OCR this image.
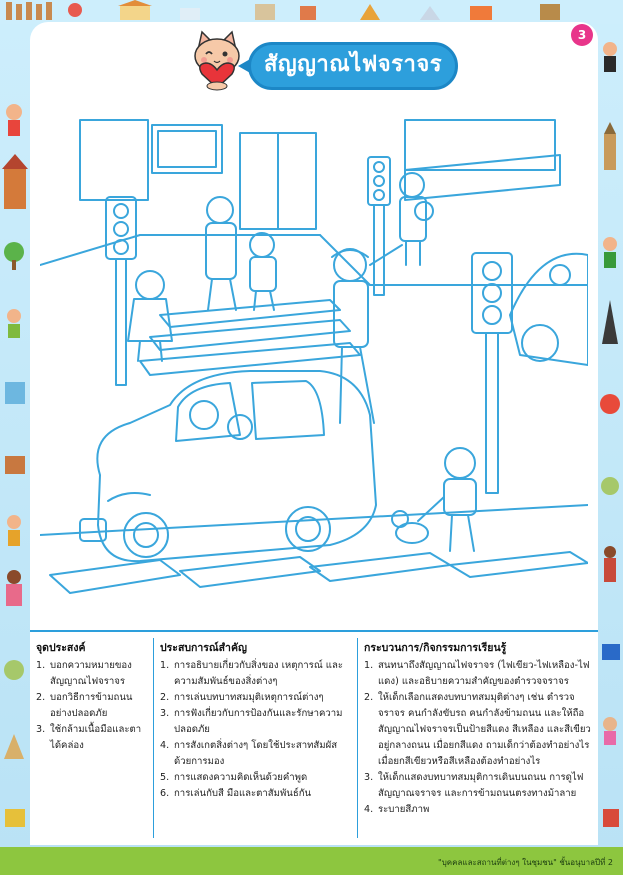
3
สัญญาณไฟจราจร
จุดประสงค์
1. บอกความหมายของสัญญาณไฟจราจร
2. บอกวิธีการข้ามถนนอย่างปลอดภัย
3. ใช้กล้ามเนื้อมือและตาได้คล่อง
ประสบการณ์สำคัญ
1. การอธิบายเกี่ยวกับสิ่งของ เหตุการณ์ และความสัมพันธ์ของสิ่งต่างๆ
2. การเล่นบทบาทสมมุติเหตุการณ์ต่างๆ
3. การฟังเกี่ยวกับการป้องกันและรักษาความปลอดภัย
4. การสังเกตสิ่งต่างๆ โดยใช้ประสาทสัมผัสด้วยการมอง
5. การแสดงความคิดเห็นด้วยคำพูด
6. การเล่นกับสี มือและตาสัมพันธ์กัน
กระบวนการ/กิจกรรมการเรียนรู้
1. สนทนาถึงสัญญาณไฟจราจร (ไฟเขียว-ไฟเหลือง-ไฟแดง) และอธิบายความสำคัญของตำรวจจราจร
2. ให้เด็กเลือกแสดงบทบาทสมมุติต่างๆ เช่น ตำรวจจราจร คนกำลังขับรถ คนกำลังข้ามถนน และให้ถือสัญญาณไฟจราจรเป็นป้ายสีแดง สีเหลือง และสีเขียว อยู่กลางถนน เมื่อยกสีแดง ถามเด็กว่าต้องทำอย่างไร เมื่อยกสีเขียวหรือสีเหลืองต้องทำอย่างไร
3. ให้เด็กแสดงบทบาทสมมุติการเดินบนถนน การดูไฟสัญญาณจราจร และการข้ามถนนตรงทางม้าลาย
4. ระบายสีภาพ
"บุคคลและสถานที่ต่างๆ ในชุมชน" ชั้นอนุบาลปีที่ 2
